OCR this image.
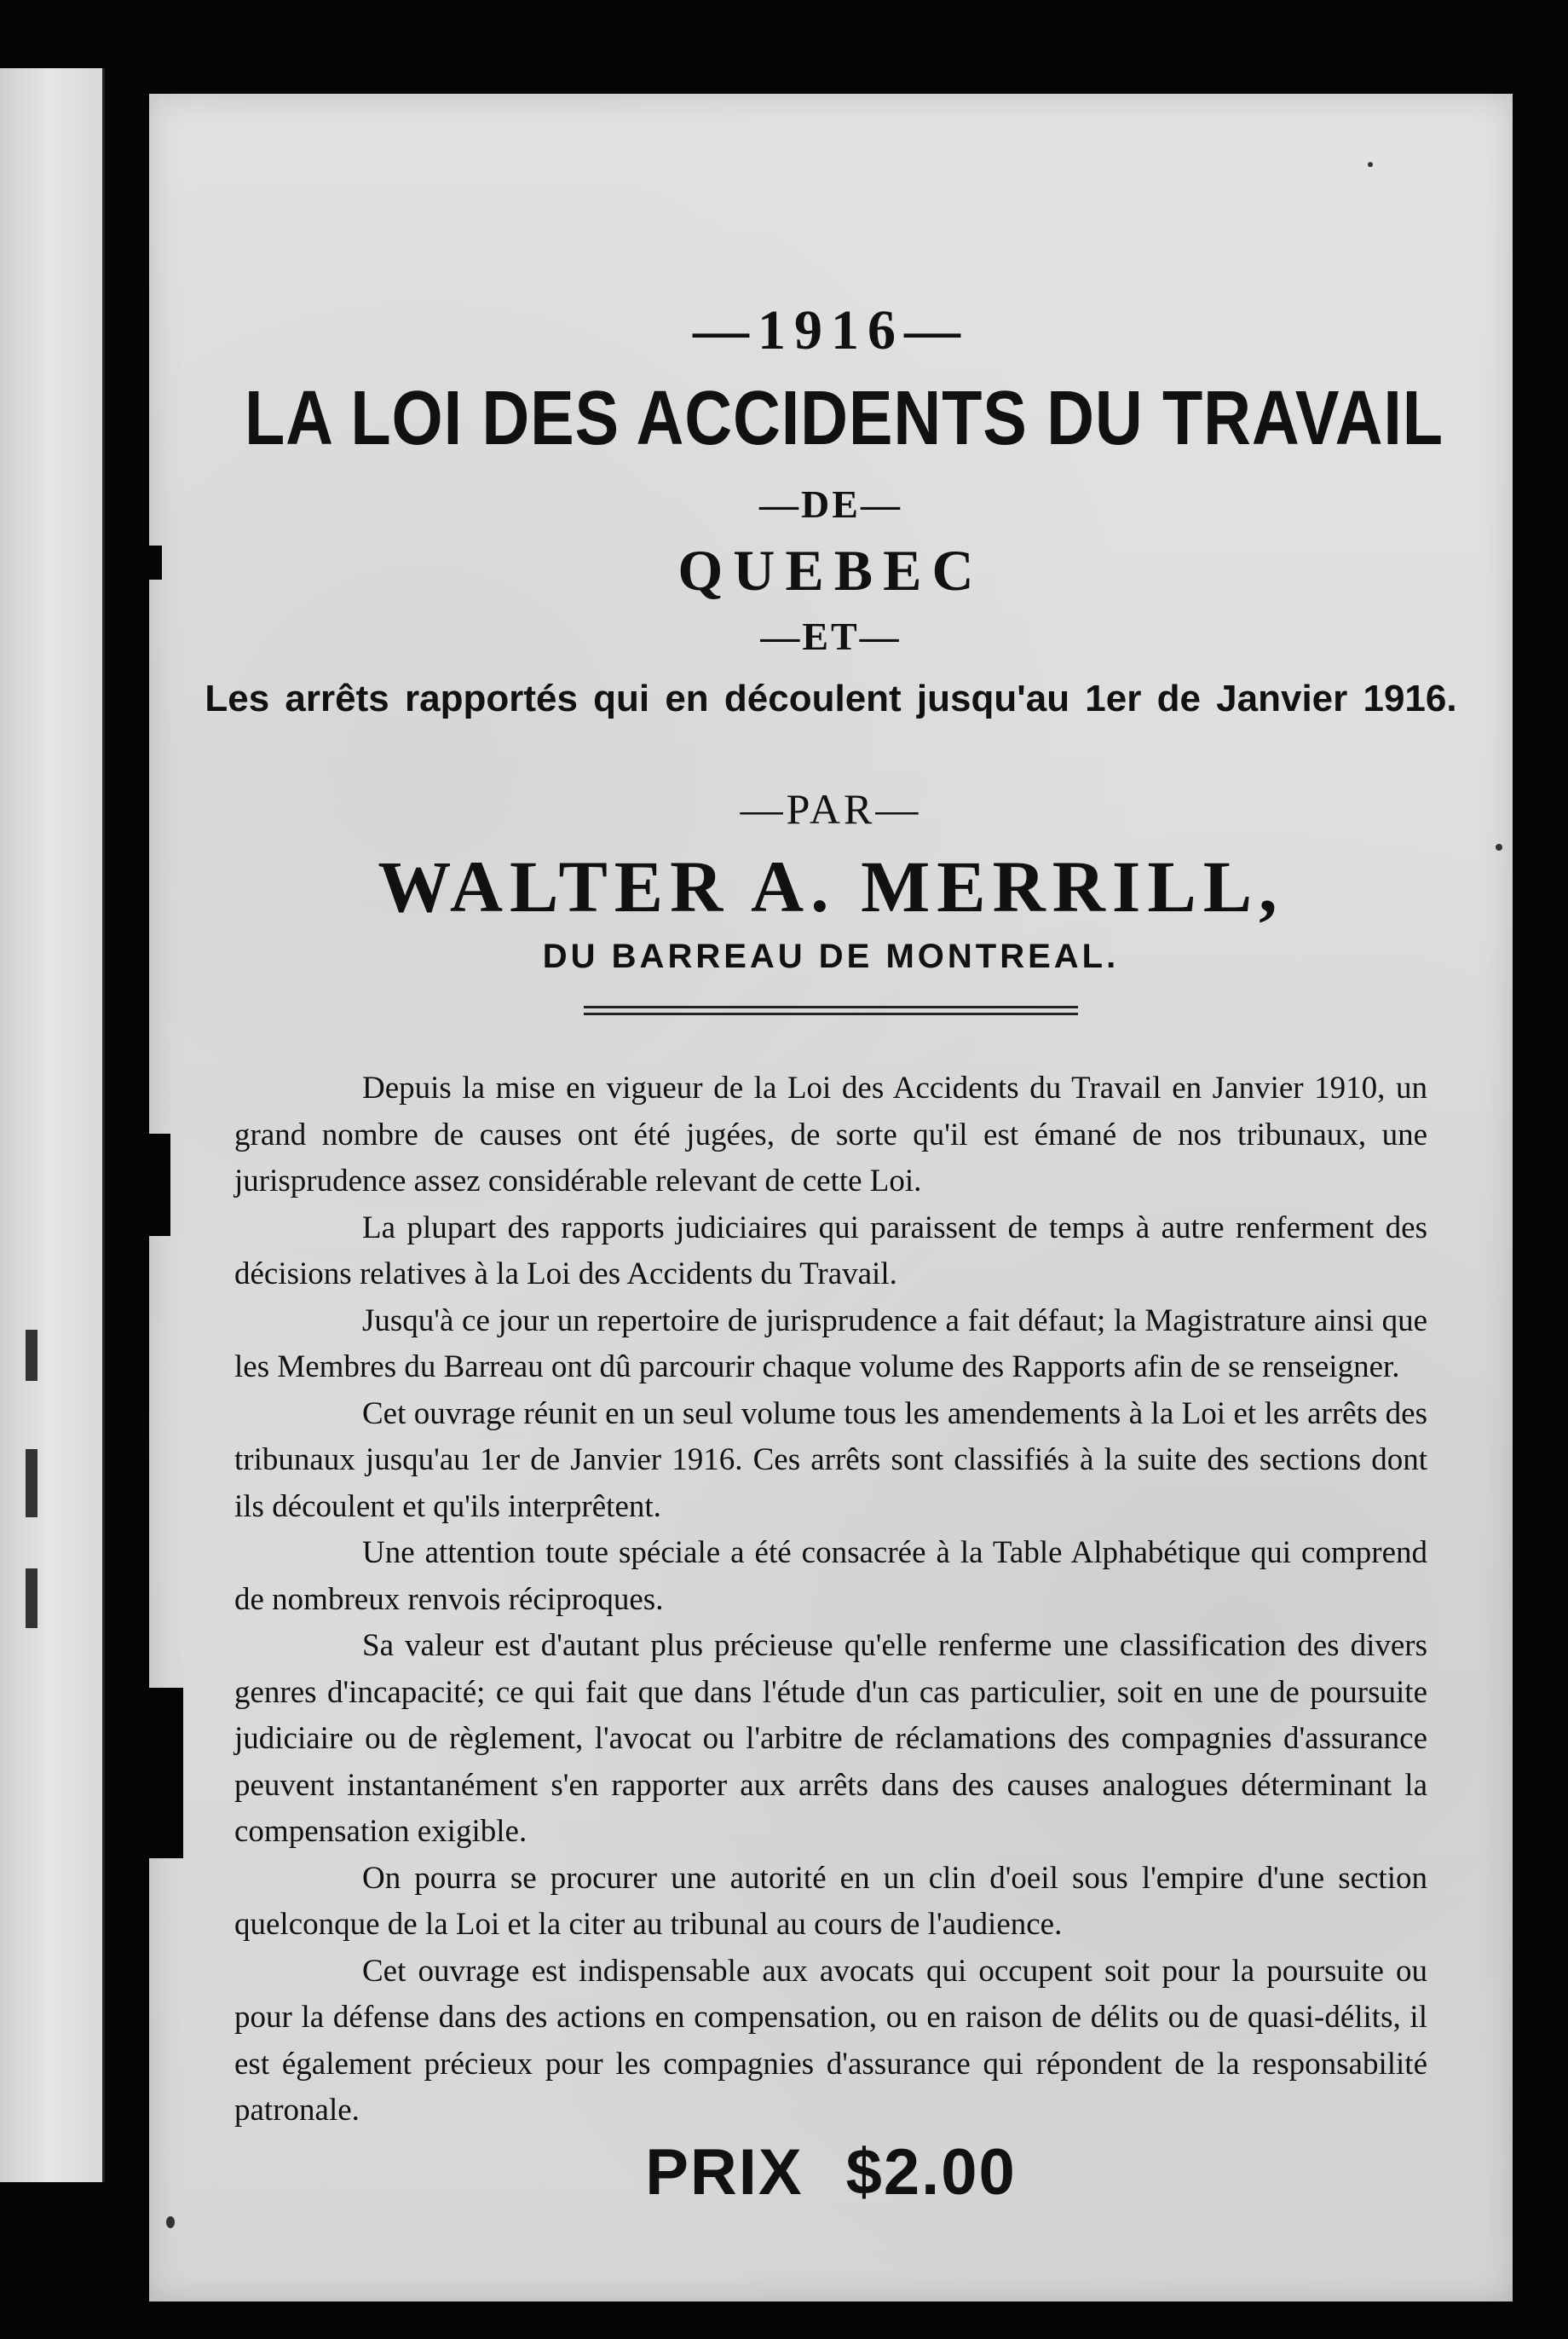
—1916—
LA LOI DES ACCIDENTS DU TRAVAIL
—DE—
QUEBEC
—ET—
Les arrêts rapportés qui en découlent jusqu'au 1er de Janvier 1916.
—PAR—
WALTER A. MERRILL,
DU BARREAU DE MONTREAL.

Depuis la mise en vigueur de la Loi des Accidents du Travail en Janvier 1910, un grand nombre de causes ont été jugées, de sorte qu'il est émané de nos tribunaux, une jurisprudence assez considérable relevant de cette Loi.

La plupart des rapports judiciaires qui paraissent de temps à autre renferment des décisions relatives à la Loi des Accidents du Travail.

Jusqu'à ce jour un repertoire de jurisprudence a fait défaut; la Magistrature ainsi que les Membres du Barreau ont dû parcourir chaque volume des Rapports afin de se renseigner.

Cet ouvrage réunit en un seul volume tous les amendements à la Loi et les arrêts des tribunaux jusqu'au 1er de Janvier 1916. Ces arrêts sont classifiés à la suite des sections dont ils découlent et qu'ils interprêtent.

Une attention toute spéciale a été consacrée à la Table Alphabétique qui comprend de nombreux renvois réciproques.

Sa valeur est d'autant plus précieuse qu'elle renferme une classification des divers genres d'incapacité; ce qui fait que dans l'étude d'un cas particulier, soit en une de poursuite judiciaire ou de règlement, l'avocat ou l'arbitre de réclamations des compagnies d'assurance peuvent instantanément s'en rapporter aux arrêts dans des causes analogues déterminant la compensation exigible.

On pourra se procurer une autorité en un clin d'oeil sous l'empire d'une section quelconque de la Loi et la citer au tribunal au cours de l'audience.

Cet ouvrage est indispensable aux avocats qui occupent soit pour la poursuite ou pour la défense dans des actions en compensation, ou en raison de délits ou de quasi-délits, il est également précieux pour les compagnies d'assurance qui répondent de la responsabilité patronale.

PRIX $2.00
